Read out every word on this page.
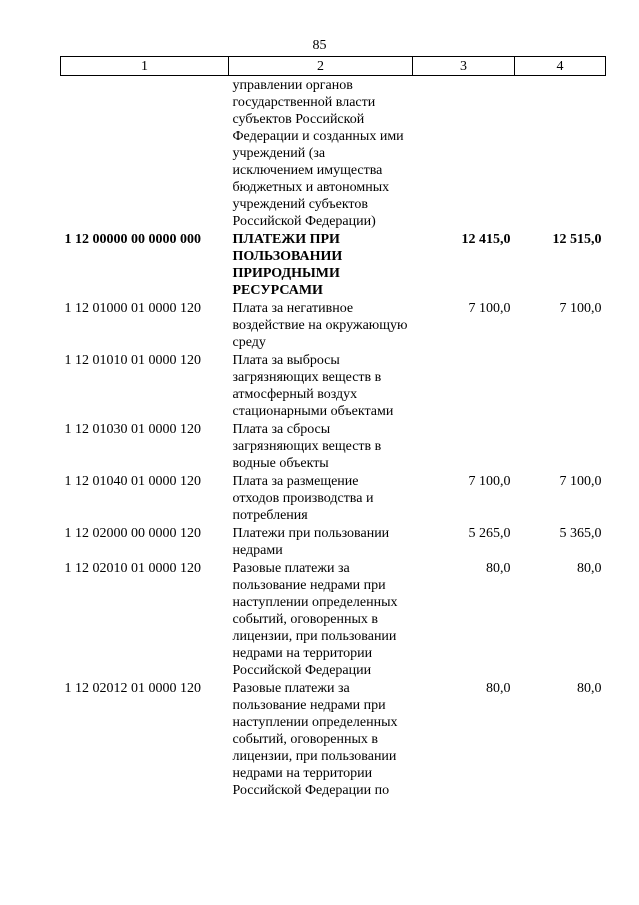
85
1	2	3	4
	управлении органов государственной власти субъектов Российской Федерации и созданных ими учреждений (за исключением имущества бюджетных и автономных учреждений субъектов Российской Федерации)		
1 12 00000 00 0000 000	ПЛАТЕЖИ ПРИ ПОЛЬЗОВАНИИ ПРИРОДНЫМИ РЕСУРСАМИ	12 415,0	12 515,0
1 12 01000 01 0000 120	Плата за негативное воздействие на окружающую среду	7 100,0	7 100,0
1 12 01010 01 0000 120	Плата за выбросы загрязняющих веществ в атмосферный воздух стационарными объектами		
1 12 01030 01 0000 120	Плата за сбросы загрязняющих веществ в водные объекты		
1 12 01040 01 0000 120	Плата за размещение отходов производства и потребления	7 100,0	7 100,0
1 12 02000 00 0000 120	Платежи при пользовании недрами	5 265,0	5 365,0
1 12 02010 01 0000 120	Разовые платежи за пользование недрами при наступлении определенных событий, оговоренных в лицензии, при пользовании недрами на территории Российской Федерации	80,0	80,0
1 12 02012 01 0000 120	Разовые платежи за пользование недрами при наступлении определенных событий, оговоренных в лицензии, при пользовании недрами на территории Российской Федерации по	80,0	80,0
